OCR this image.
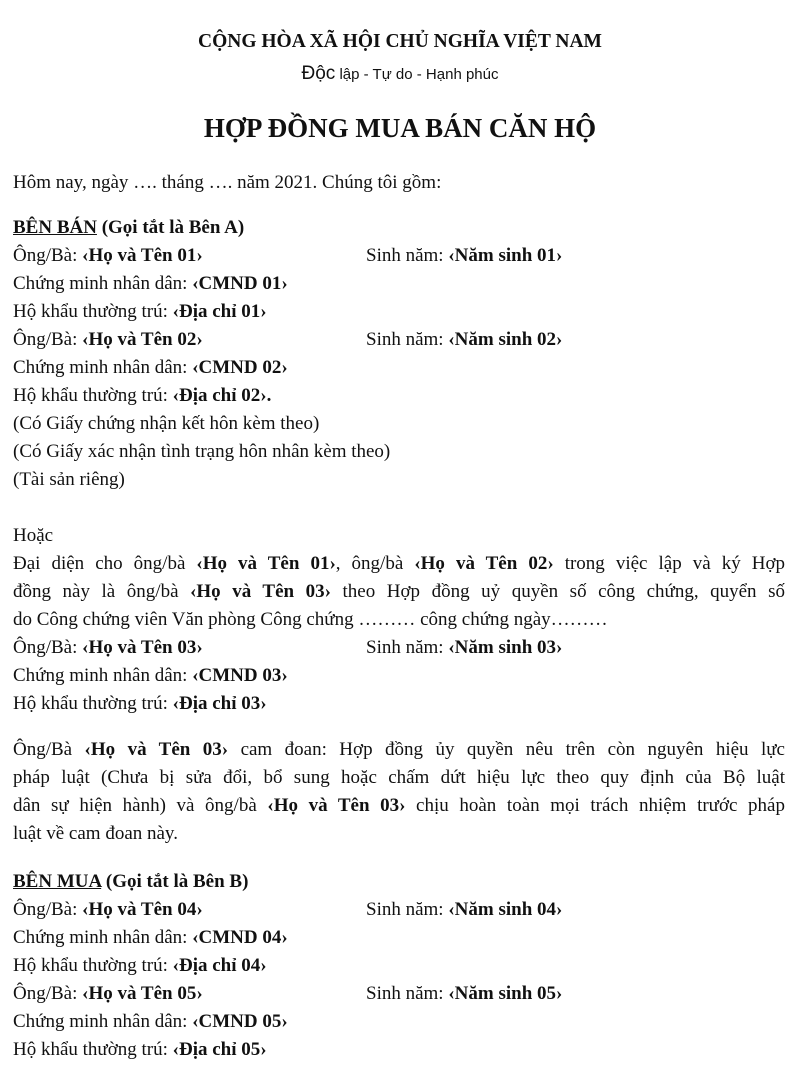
CỘNG HÒA XÃ HỘI CHỦ NGHĨA VIỆT NAM
Độc lập - Tự do - Hạnh phúc
HỢP ĐỒNG MUA BÁN CĂN HỘ
Hôm nay, ngày …. tháng …. năm 2021. Chúng tôi gồm:
BÊN BÁN (Gọi tắt là Bên A)
Ông/Bà: ‹Họ và Tên 01›	Sinh năm: ‹Năm sinh 01›
Chứng minh nhân dân: ‹CMND 01›
Hộ khẩu thường trú: ‹Địa chỉ 01›
Ông/Bà: ‹Họ và Tên 02›	Sinh năm: ‹Năm sinh 02›
Chứng minh nhân dân: ‹CMND 02›
Hộ khẩu thường trú: ‹Địa chỉ 02›.
(Có Giấy chứng nhận kết hôn kèm theo)
(Có Giấy xác nhận tình trạng hôn nhân kèm theo)
(Tài sản riêng)
Hoặc
Đại diện cho ông/bà ‹Họ và Tên 01›, ông/bà ‹Họ và Tên 02› trong việc lập và ký Hợp
đồng này là ông/bà ‹Họ và Tên 03› theo Hợp đồng uỷ quyền số công chứng, quyển số
do Công chứng viên Văn phòng Công chứng ……… công chứng ngày………
Ông/Bà: ‹Họ và Tên 03›	Sinh năm: ‹Năm sinh 03›
Chứng minh nhân dân: ‹CMND 03›
Hộ khẩu thường trú: ‹Địa chỉ 03›
Ông/Bà ‹Họ và Tên 03› cam đoan: Hợp đồng ủy quyền nêu trên còn nguyên hiệu lực
pháp luật (Chưa bị sửa đổi, bổ sung hoặc chấm dứt hiệu lực theo quy định của Bộ luật
dân sự hiện hành) và ông/bà ‹Họ và Tên 03› chịu hoàn toàn mọi trách nhiệm trước pháp
luật về cam đoan này.
BÊN MUA (Gọi tắt là Bên B)
Ông/Bà: ‹Họ và Tên 04›	Sinh năm: ‹Năm sinh 04›
Chứng minh nhân dân: ‹CMND 04›
Hộ khẩu thường trú: ‹Địa chỉ 04›
Ông/Bà: ‹Họ và Tên 05›	Sinh năm: ‹Năm sinh 05›
Chứng minh nhân dân: ‹CMND 05›
Hộ khẩu thường trú: ‹Địa chỉ 05›
